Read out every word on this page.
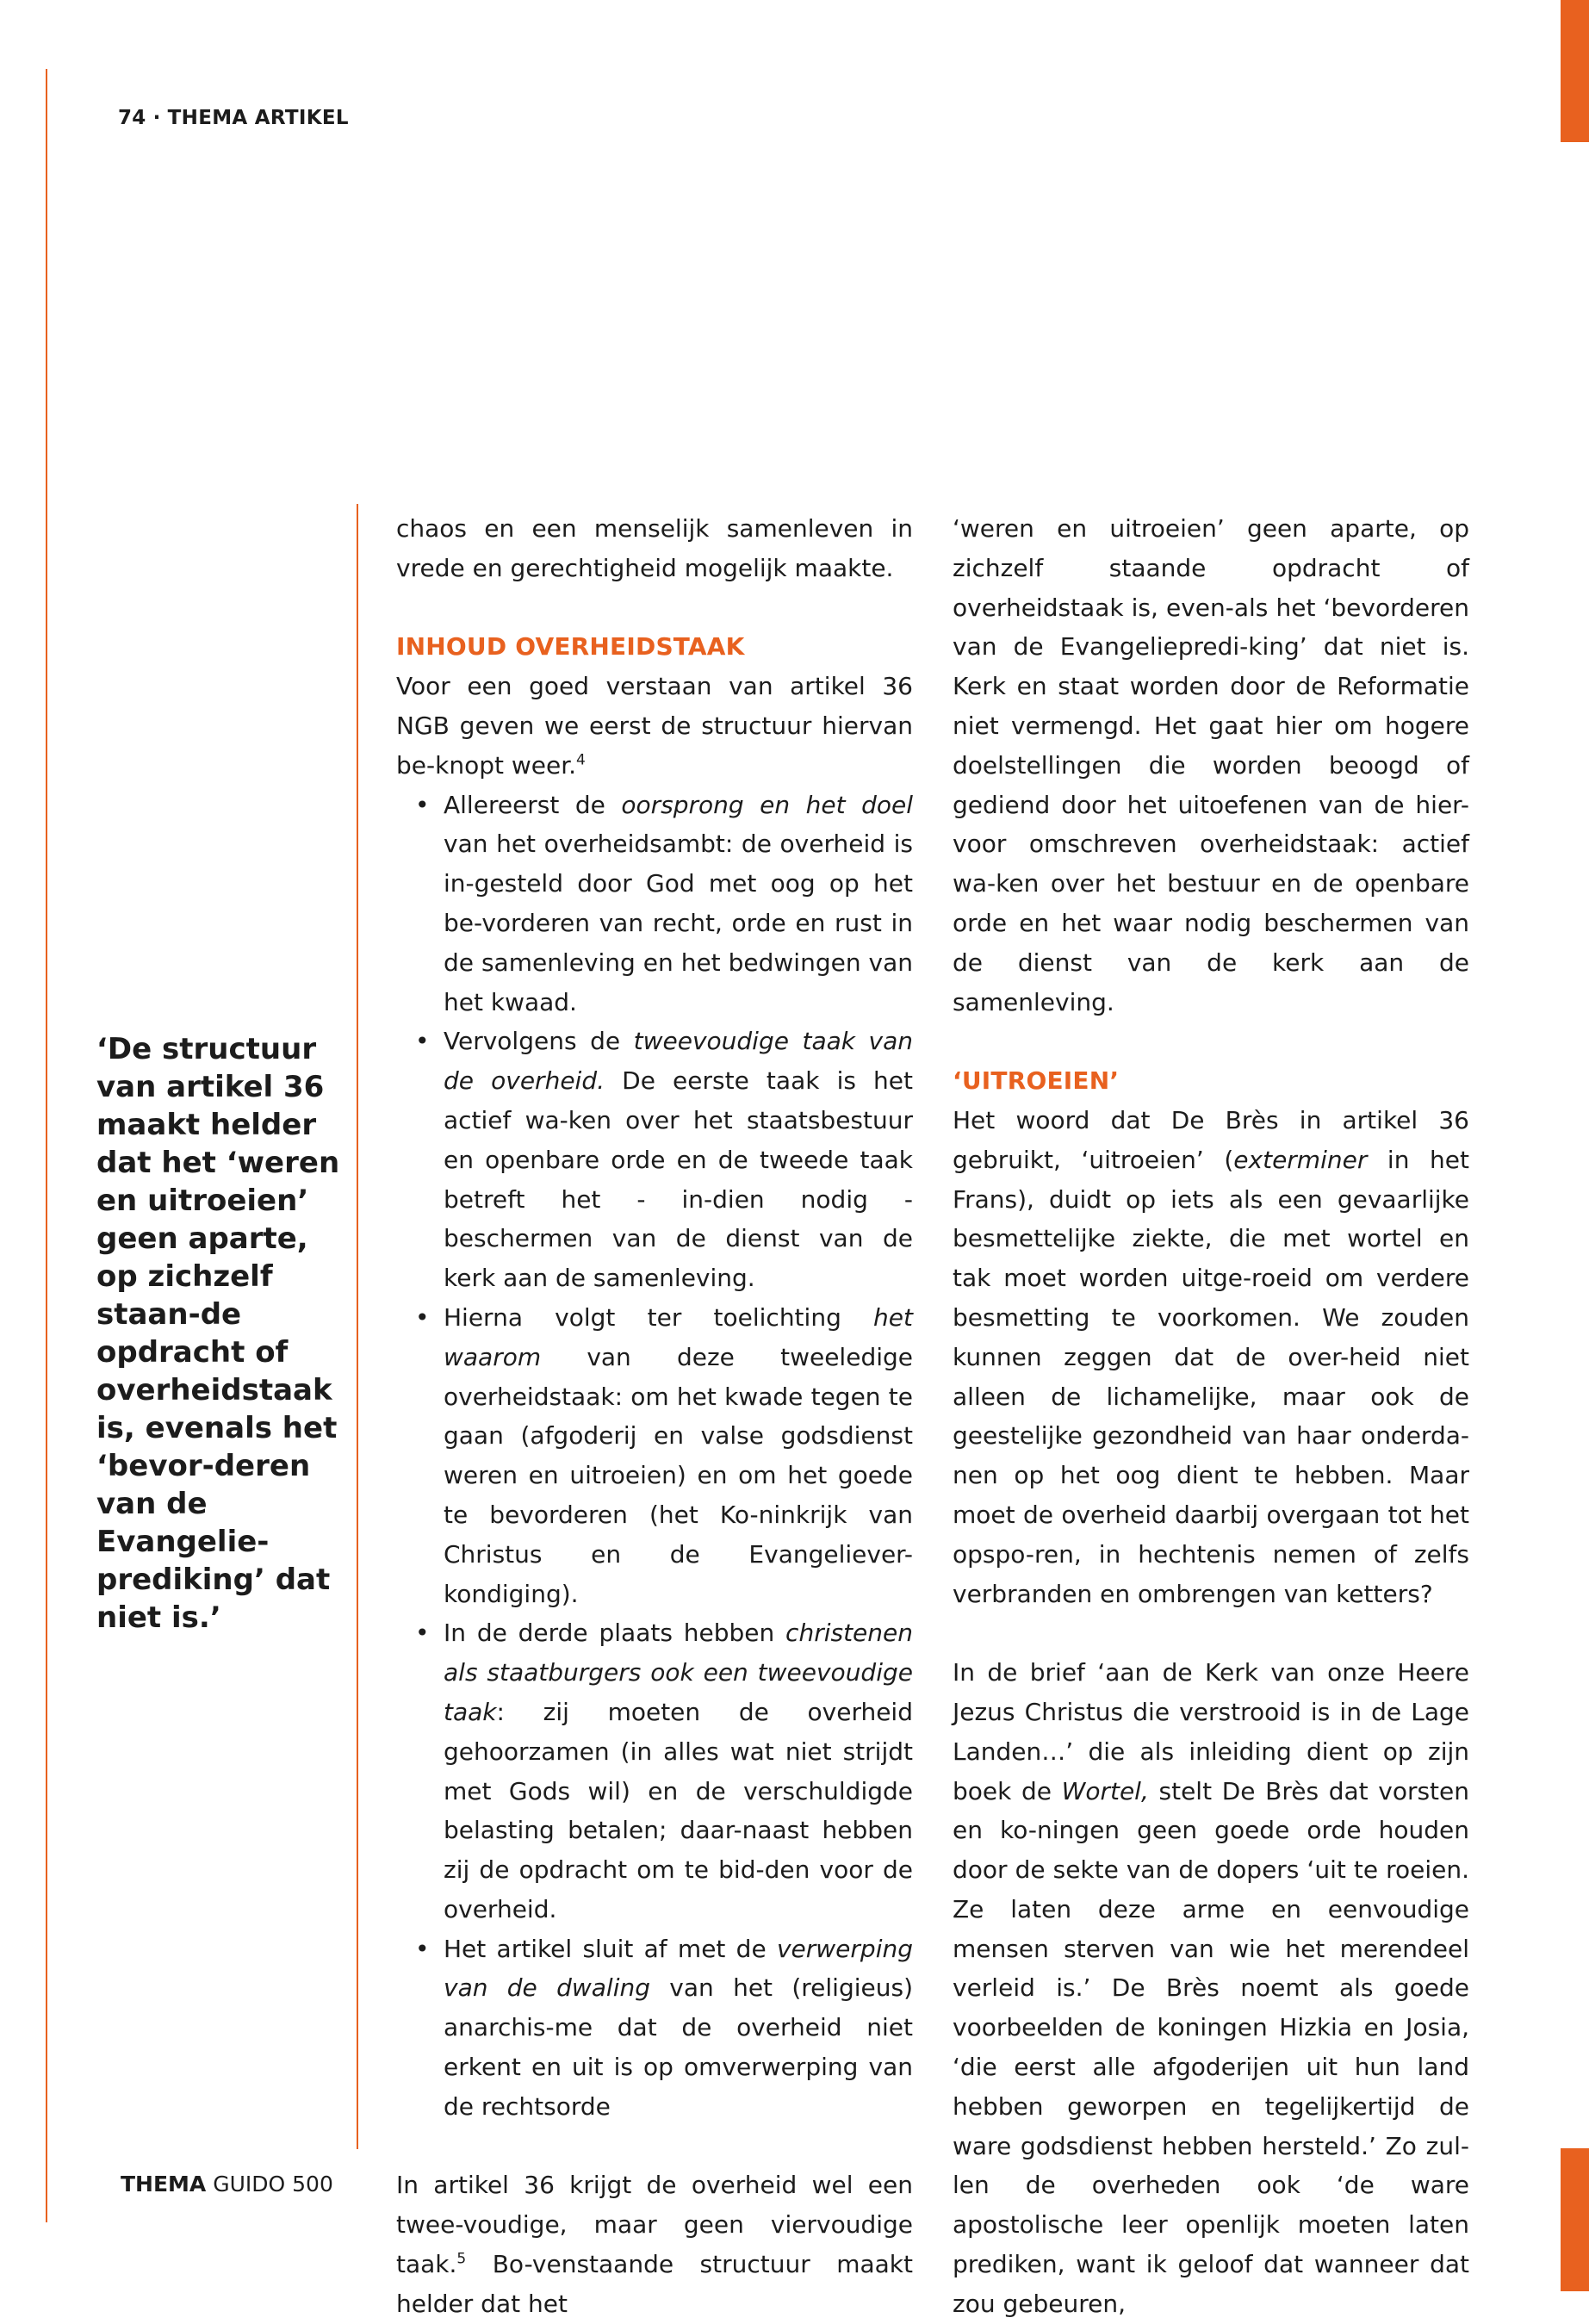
74 · THEMA ARTIKEL
‘De structuur van artikel 36 maakt helder dat het ‘weren en uitroeien’ geen aparte, op zichzelf staan-de opdracht of overheidstaak is, evenals het ‘bevor-deren van de Evangelie-prediking’ dat niet is.’

chaos en een menselijk samenleven in vrede en gerechtigheid mogelijk maakte.

INHOUD OVERHEIDSTAAK

Voor een goed verstaan van artikel 36 NGB geven we eerst de structuur hiervan be-knopt weer.$^4$

• Allereerst de oorsprong en het doel van het overheidsambt: de overheid is in-gesteld door God met oog op het be-vorderen van recht, orde en rust in de samenleving en het bedwingen van het kwaad.
• Vervolgens de tweevoudige taak van de overheid. De eerste taak is het actief wa-ken over het staatsbestuur en openbare orde en de tweede taak betreft het - in-dien nodig - beschermen van de dienst van de kerk aan de samenleving.
• Hierna volgt ter toelichting het waarom van deze tweeledige overheidstaak: om het kwade tegen te gaan (afgoderij en valse godsdienst weren en uitroeien) en om het goede te bevorderen (het Ko-ninkrijk van Christus en de Evangeliever-kondiging).
• In de derde plaats hebben christenen als staatburgers ook een tweevoudige taak: zij moeten de overheid gehoorzamen (in alles wat niet strijdt met Gods wil) en de verschuldigde belasting betalen; daar-naast hebben zij de opdracht om te bid-den voor de overheid.
• Het artikel sluit af met de verwerping van de dwaling van het (religieus) anarchis-me dat de overheid niet erkent en uit is op omverwerping van de rechtsorde

In artikel 36 krijgt de overheid wel een twee-voudige, maar geen viervoudige taak.$^5$ Bo-venstaande structuur maakt helder dat het

‘weren en uitroeien’ geen aparte, op zichzelf staande opdracht of overheidstaak is, even-als het ‘bevorderen van de Evangeliepredi-king’ dat niet is. Kerk en staat worden door de Reformatie niet vermengd. Het gaat hier om hogere doelstellingen die worden beoogd of gediend door het uitoefenen van de hier-voor omschreven overheidstaak: actief wa-ken over het bestuur en de openbare orde en het waar nodig beschermen van de dienst van de kerk aan de samenleving.

‘UITROEIEN’

Het woord dat De Brès in artikel 36 gebruikt, ‘uitroeien’ (exterminer in het Frans), duidt op iets als een gevaarlijke besmettelijke ziekte, die met wortel en tak moet worden uitge-roeid om verdere besmetting te voorkomen. We zouden kunnen zeggen dat de over-heid niet alleen de lichamelijke, maar ook de geestelijke gezondheid van haar onderda-nen op het oog dient te hebben. Maar moet de overheid daarbij overgaan tot het opspo-ren, in hechtenis nemen of zelfs verbranden en ombrengen van ketters?

In de brief ‘aan de Kerk van onze Heere Jezus Christus die verstrooid is in de Lage Landen…’ die als inleiding dient op zijn boek de Wortel, stelt De Brès dat vorsten en ko-ningen geen goede orde houden door de sekte van de dopers ‘uit te roeien. Ze laten deze arme en eenvoudige mensen sterven van wie het merendeel verleid is.’ De Brès noemt als goede voorbeelden de koningen Hizkia en Josia, ‘die eerst alle afgoderijen uit hun land hebben geworpen en tegelijkertijd de ware godsdienst hebben hersteld.’ Zo zul-len de overheden ook ‘de ware apostolische leer openlijk moeten laten prediken, want ik geloof dat wanneer dat zou gebeuren,

THEMA GUIDO 500
